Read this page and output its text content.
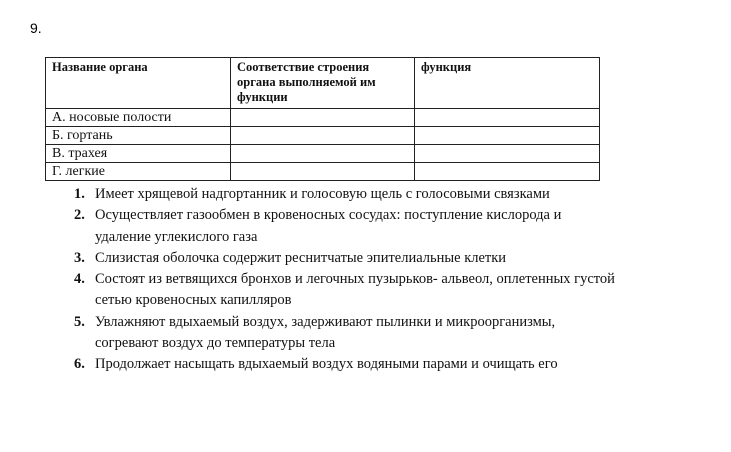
9.
Название органа	Соответствие строения органа выполняемой им функции	функция
А. носовые полости		
Б. гортань		
В. трахея		
Г. легкие		
1. Имеет хрящевой надгортанник и голосовую щель с голосовыми связками
2. Осуществляет газообмен в кровеносных сосудах: поступление кислорода и удаление углекислого газа
3. Слизистая оболочка содержит реснитчатые эпителиальные клетки
4. Состоят из ветвящихся бронхов и легочных пузырьков- альвеол, оплетенных густой сетью кровеносных капилляров
5. Увлажняют вдыхаемый воздух, задерживают пылинки и микроорганизмы, согревают воздух до температуры тела
6. Продолжает насыщать вдыхаемый воздух водяными парами и очищать его
